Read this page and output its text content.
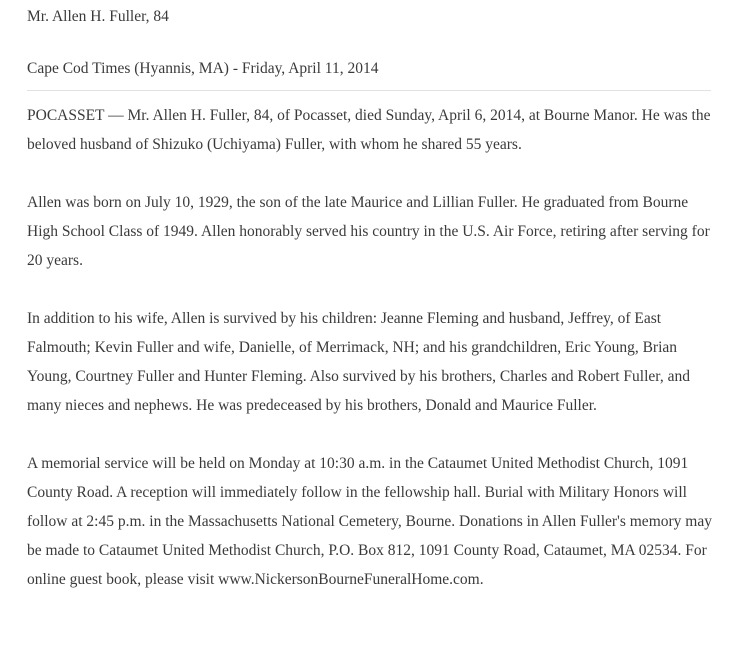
Mr. Allen H. Fuller, 84
Cape Cod Times (Hyannis, MA) - Friday, April 11, 2014

POCASSET — Mr. Allen H. Fuller, 84, of Pocasset, died Sunday, April 6, 2014, at Bourne Manor. He was the beloved husband of Shizuko (Uchiyama) Fuller, with whom he shared 55 years.

Allen was born on July 10, 1929, the son of the late Maurice and Lillian Fuller. He graduated from Bourne High School Class of 1949. Allen honorably served his country in the U.S. Air Force, retiring after serving for 20 years.

In addition to his wife, Allen is survived by his children: Jeanne Fleming and husband, Jeffrey, of East Falmouth; Kevin Fuller and wife, Danielle, of Merrimack, NH; and his grandchildren, Eric Young, Brian Young, Courtney Fuller and Hunter Fleming. Also survived by his brothers, Charles and Robert Fuller, and many nieces and nephews. He was predeceased by his brothers, Donald and Maurice Fuller.

A memorial service will be held on Monday at 10:30 a.m. in the Cataumet United Methodist Church, 1091 County Road. A reception will immediately follow in the fellowship hall. Burial with Military Honors will follow at 2:45 p.m. in the Massachusetts National Cemetery, Bourne. Donations in Allen Fuller's memory may be made to Cataumet United Methodist Church, P.O. Box 812, 1091 County Road, Cataumet, MA 02534. For online guest book, please visit www.NickersonBourneFuneralHome.com.
